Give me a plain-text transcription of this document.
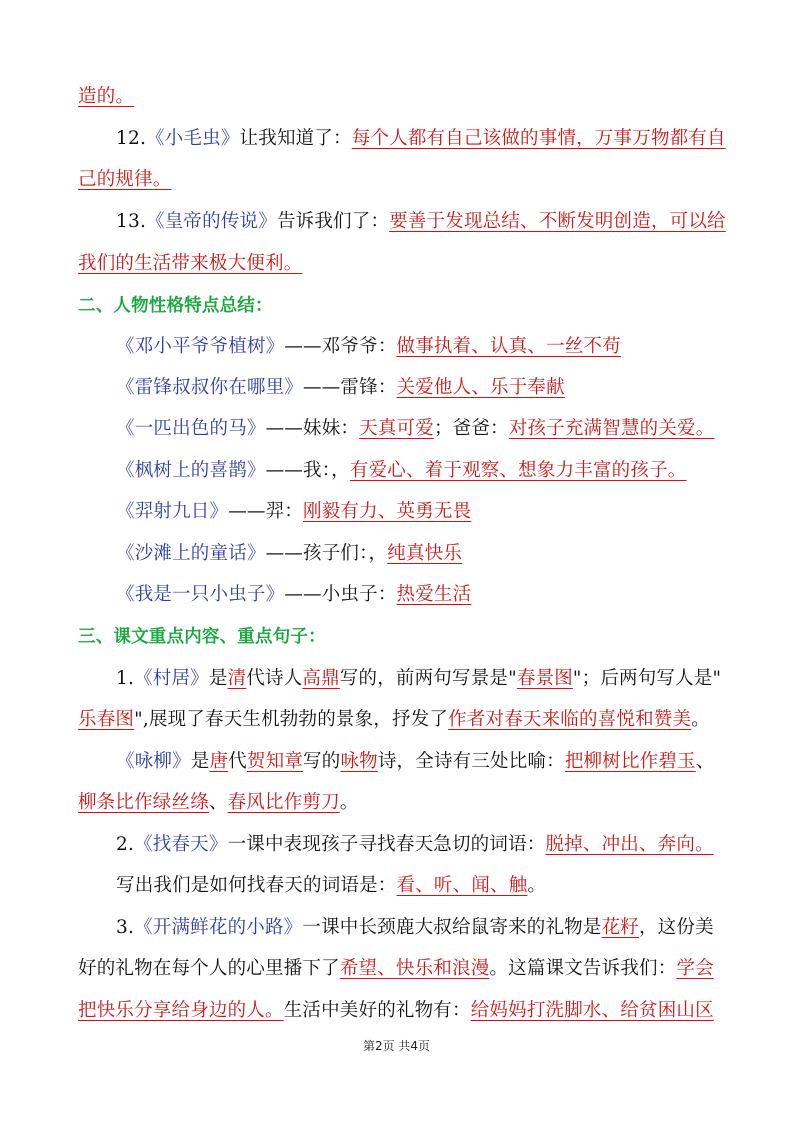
造的。
12.《小毛虫》让我知道了：每个人都有自己该做的事情，万事万物都有自
己的规律。
13.《皇帝的传说》告诉我们了：要善于发现总结、不断发明创造，可以给
我们的生活带来极大便利。
二、人物性格特点总结：
《邓小平爷爷植树》——邓爷爷：做事执着、认真、一丝不苟
《雷锋叔叔你在哪里》——雷锋：关爱他人、乐于奉献
《一匹出色的马》——妹妹：天真可爱；爸爸：对孩子充满智慧的关爱。
《枫树上的喜鹊》——我：，有爱心、着于观察、想象力丰富的孩子。
《羿射九日》——羿：刚毅有力、英勇无畏
《沙滩上的童话》——孩子们：，纯真快乐
《我是一只小虫子》——小虫子：热爱生活
三、课文重点内容、重点句子：
1.《村居》是清代诗人高鼎写的，前两句写景是"春景图"；后两句写人是"
乐春图",展现了春天生机勃勃的景象，抒发了作者对春天来临的喜悦和赞美。
《咏柳》是唐代贺知章写的咏物诗，全诗有三处比喻：把柳树比作碧玉、
柳条比作绿丝绦、春风比作剪刀。
2.《找春天》一课中表现孩子寻找春天急切的词语：脱掉、冲出、奔向。
写出我们是如何找春天的词语是：看、听、闻、触。
3.《开满鲜花的小路》一课中长颈鹿大叔给鼠寄来的礼物是花籽，这份美
好的礼物在每个人的心里播下了希望、快乐和浪漫。这篇课文告诉我们：学会
把快乐分享给身边的人。生活中美好的礼物有：给妈妈打洗脚水、给贫困山区
第2页 共4页
